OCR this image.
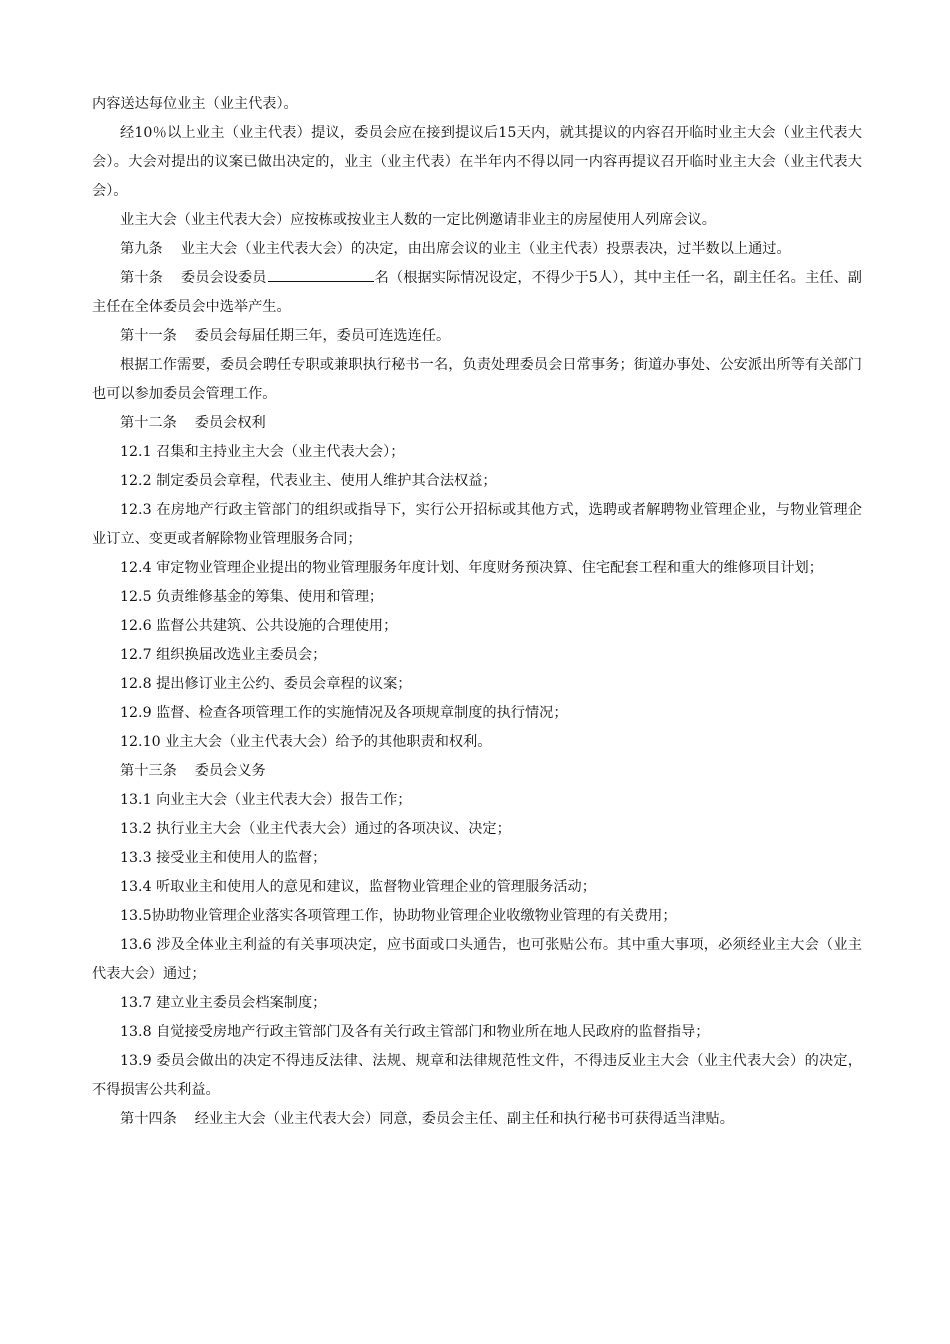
内容送达每位业主（业主代表）。

经10％以上业主（业主代表）提议，委员会应在接到提议后15天内，就其提议的内容召开临时业主大会（业主代表大会）。大会对提出的议案已做出决定的，业主（业主代表）在半年内不得以同一内容再提议召开临时业主大会（业主代表大会）。

业主大会（业主代表大会）应按栋或按业主人数的一定比例邀请非业主的房屋使用人列席会议。

第九条 业主大会（业主代表大会）的决定，由出席会议的业主（业主代表）投票表决，过半数以上通过。

第十条 委员会设委员	名（根据实际情况设定，不得少于5人），其中主任一名，副主任名。主任、副主任在全体委员会中选举产生。

第十一条 委员会每届任期三年，委员可连选连任。

根据工作需要，委员会聘任专职或兼职执行秘书一名，负责处理委员会日常事务；街道办事处、公安派出所等有关部门也可以参加委员会管理工作。

第十二条 委员会权利

12.1 召集和主持业主大会（业主代表大会）；

12.2 制定委员会章程，代表业主、使用人维护其合法权益；

12.3 在房地产行政主管部门的组织或指导下，实行公开招标或其他方式，选聘或者解聘物业管理企业，与物业管理企业订立、变更或者解除物业管理服务合同；

12.4 审定物业管理企业提出的物业管理服务年度计划、年度财务预决算、住宅配套工程和重大的维修项目计划；

12.5 负责维修基金的筹集、使用和管理；

12.6 监督公共建筑、公共设施的合理使用；

12.7 组织换届改选业主委员会；

12.8 提出修订业主公约、委员会章程的议案；

12.9 监督、检查各项管理工作的实施情况及各项规章制度的执行情况；

12.10 业主大会（业主代表大会）给予的其他职责和权利。

第十三条 委员会义务

13.1 向业主大会（业主代表大会）报告工作；

13.2 执行业主大会（业主代表大会）通过的各项决议、决定；

13.3 接受业主和使用人的监督；

13.4 听取业主和使用人的意见和建议，监督物业管理企业的管理服务活动；

13.5协助物业管理企业落实各项管理工作，协助物业管理企业收缴物业管理的有关费用；

13.6 涉及全体业主利益的有关事项决定，应书面或口头通告，也可张贴公布。其中重大事项，必须经业主大会（业主代表大会）通过；

13.7 建立业主委员会档案制度；

13.8 自觉接受房地产行政主管部门及各有关行政主管部门和物业所在地人民政府的监督指导；

13.9 委员会做出的决定不得违反法律、法规、规章和法律规范性文件，不得违反业主大会（业主代表大会）的决定，不得损害公共利益。

第十四条 经业主大会（业主代表大会）同意，委员会主任、副主任和执行秘书可获得适当津贴。
